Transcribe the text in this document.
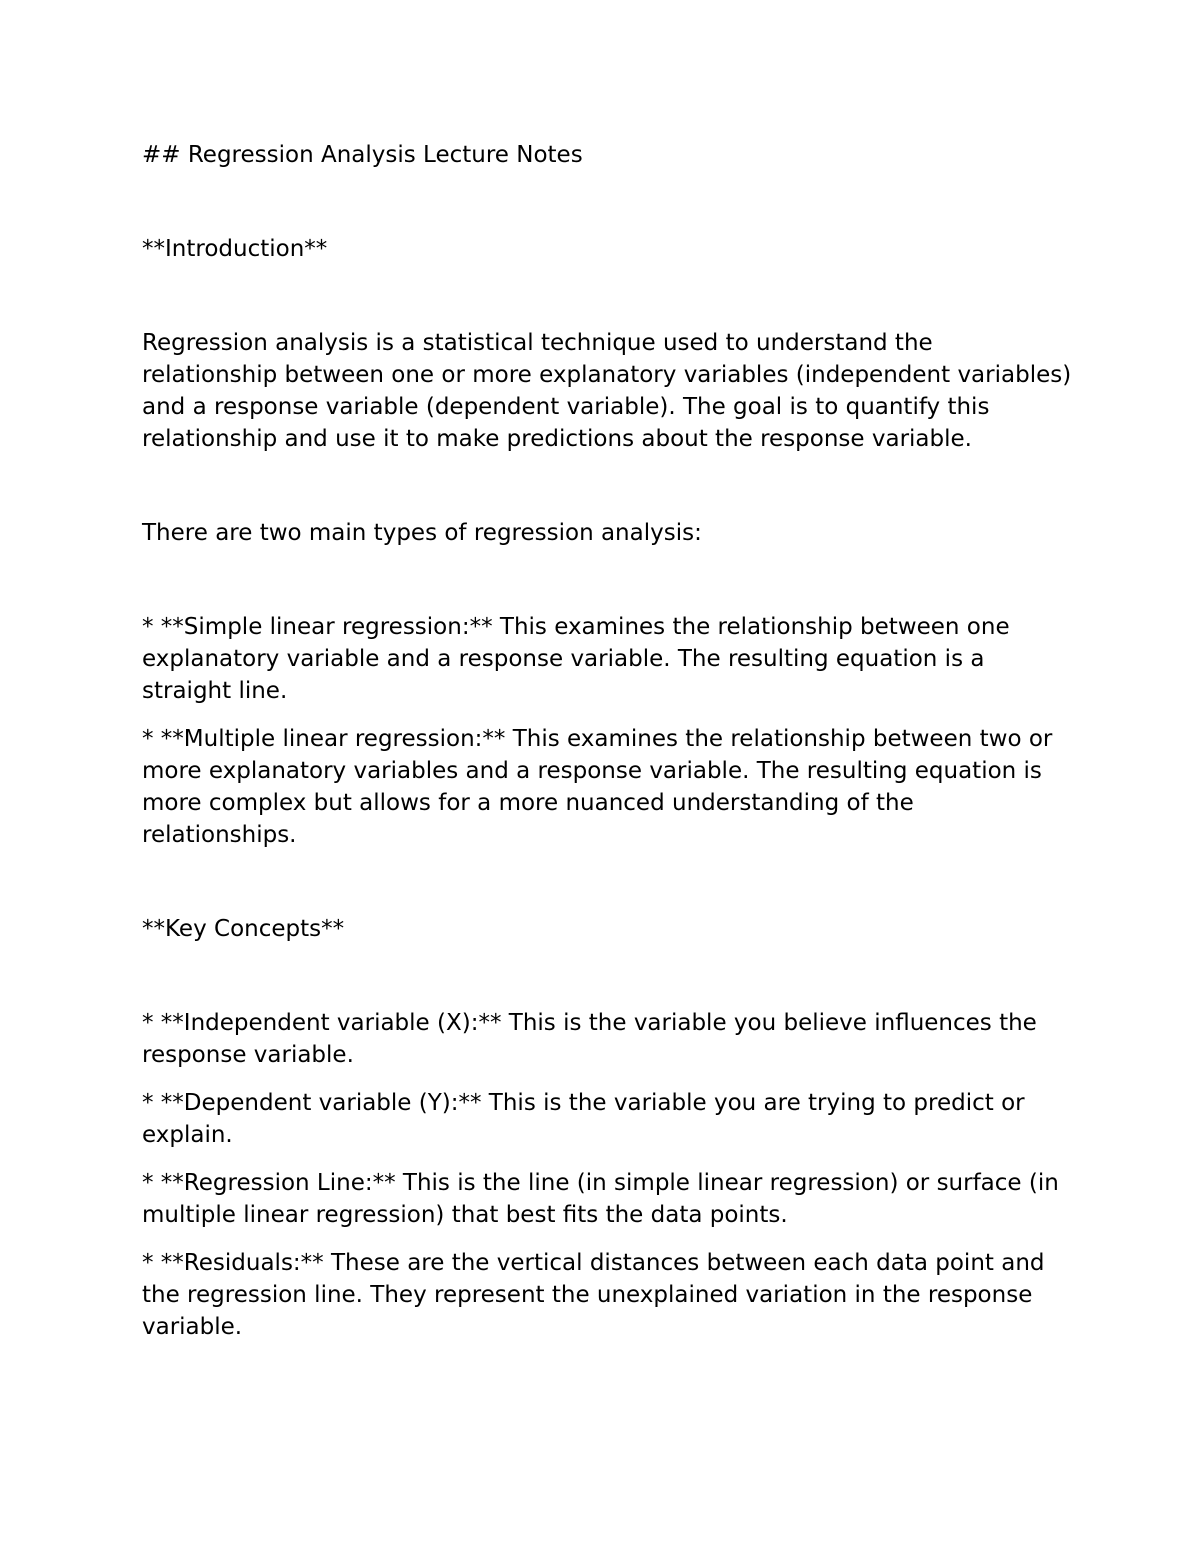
## Regression Analysis Lecture Notes

**Introduction**

Regression analysis is a statistical technique used to understand the relationship between one or more explanatory variables (independent variables) and a response variable (dependent variable). The goal is to quantify this relationship and use it to make predictions about the response variable.

There are two main types of regression analysis:

* **Simple linear regression:** This examines the relationship between one explanatory variable and a response variable. The resulting equation is a straight line.

* **Multiple linear regression:** This examines the relationship between two or more explanatory variables and a response variable. The resulting equation is more complex but allows for a more nuanced understanding of the relationships.

**Key Concepts**

* **Independent variable (X):** This is the variable you believe influences the response variable.

* **Dependent variable (Y):** This is the variable you are trying to predict or explain.

* **Regression Line:** This is the line (in simple linear regression) or surface (in multiple linear regression) that best fits the data points.

* **Residuals:** These are the vertical distances between each data point and the regression line. They represent the unexplained variation in the response variable.
